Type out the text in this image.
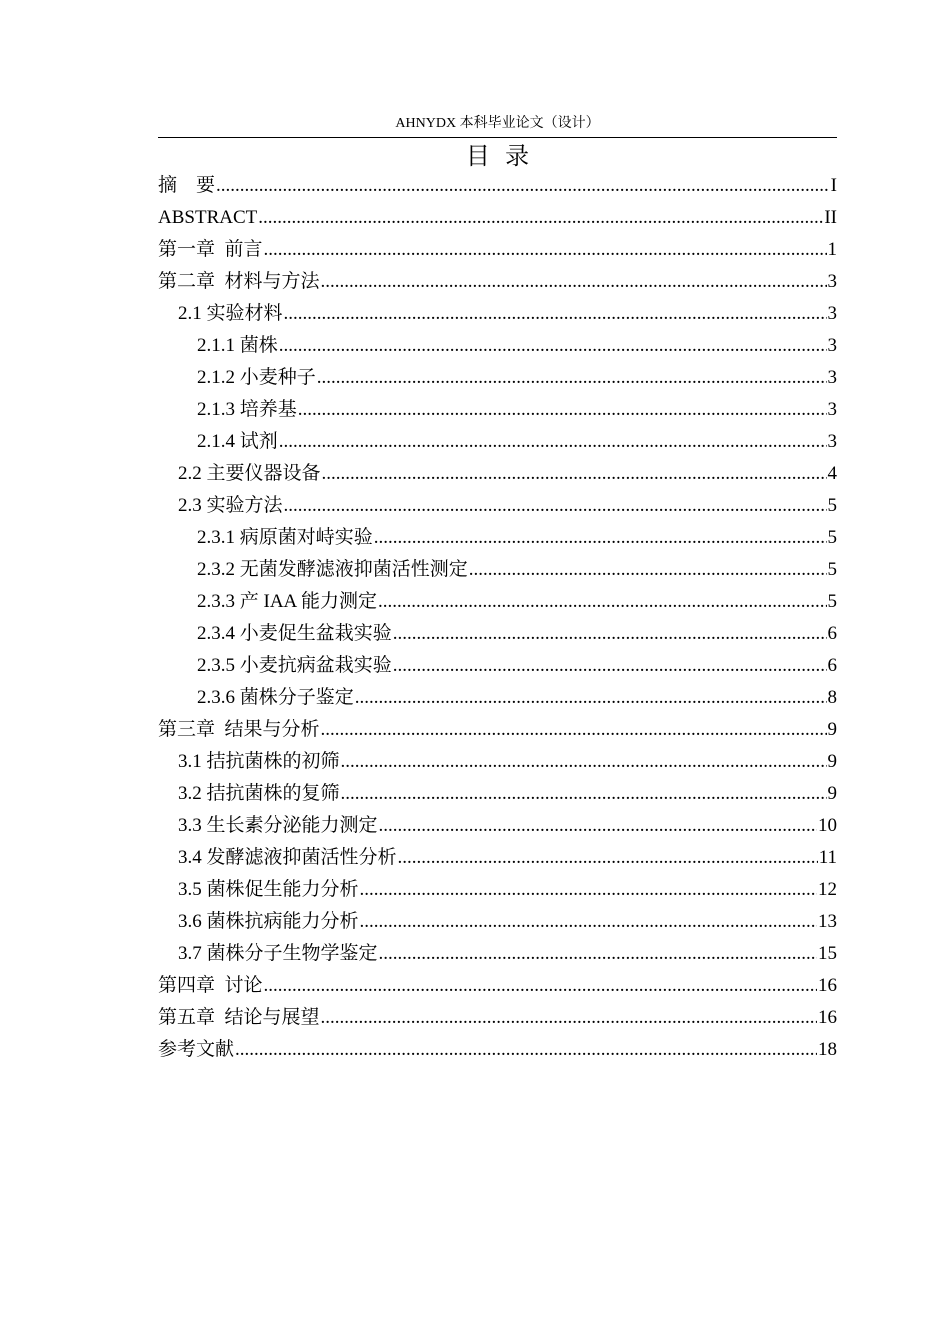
AHNYDX 本科毕业论文（设计）
目  录
摘    要 .....	I
ABSTRACT .....	II
第一章  前言 .....	1
第二章  材料与方法 .....	3
2.1 实验材料 .....	3
2.1.1 菌株 .....	3
2.1.2 小麦种子 .....	3
2.1.3 培养基 .....	3
2.1.4 试剂 .....	3
2.2 主要仪器设备 .....	4
2.3 实验方法 .....	5
2.3.1 病原菌对峙实验 .....	5
2.3.2 无菌发酵滤液抑菌活性测定 .....	5
2.3.3 产 IAA 能力测定 .....	5
2.3.4 小麦促生盆栽实验 .....	6
2.3.5 小麦抗病盆栽实验 .....	6
2.3.6 菌株分子鉴定 .....	8
第三章  结果与分析 .....	9
3.1 拮抗菌株的初筛 .....	9
3.2 拮抗菌株的复筛 .....	9
3.3 生长素分泌能力测定 .....	10
3.4 发酵滤液抑菌活性分析 .....	11
3.5 菌株促生能力分析 .....	12
3.6 菌株抗病能力分析 .....	13
3.7 菌株分子生物学鉴定 .....	15
第四章  讨论 .....	16
第五章  结论与展望 .....	16
参考文献 .....	18
